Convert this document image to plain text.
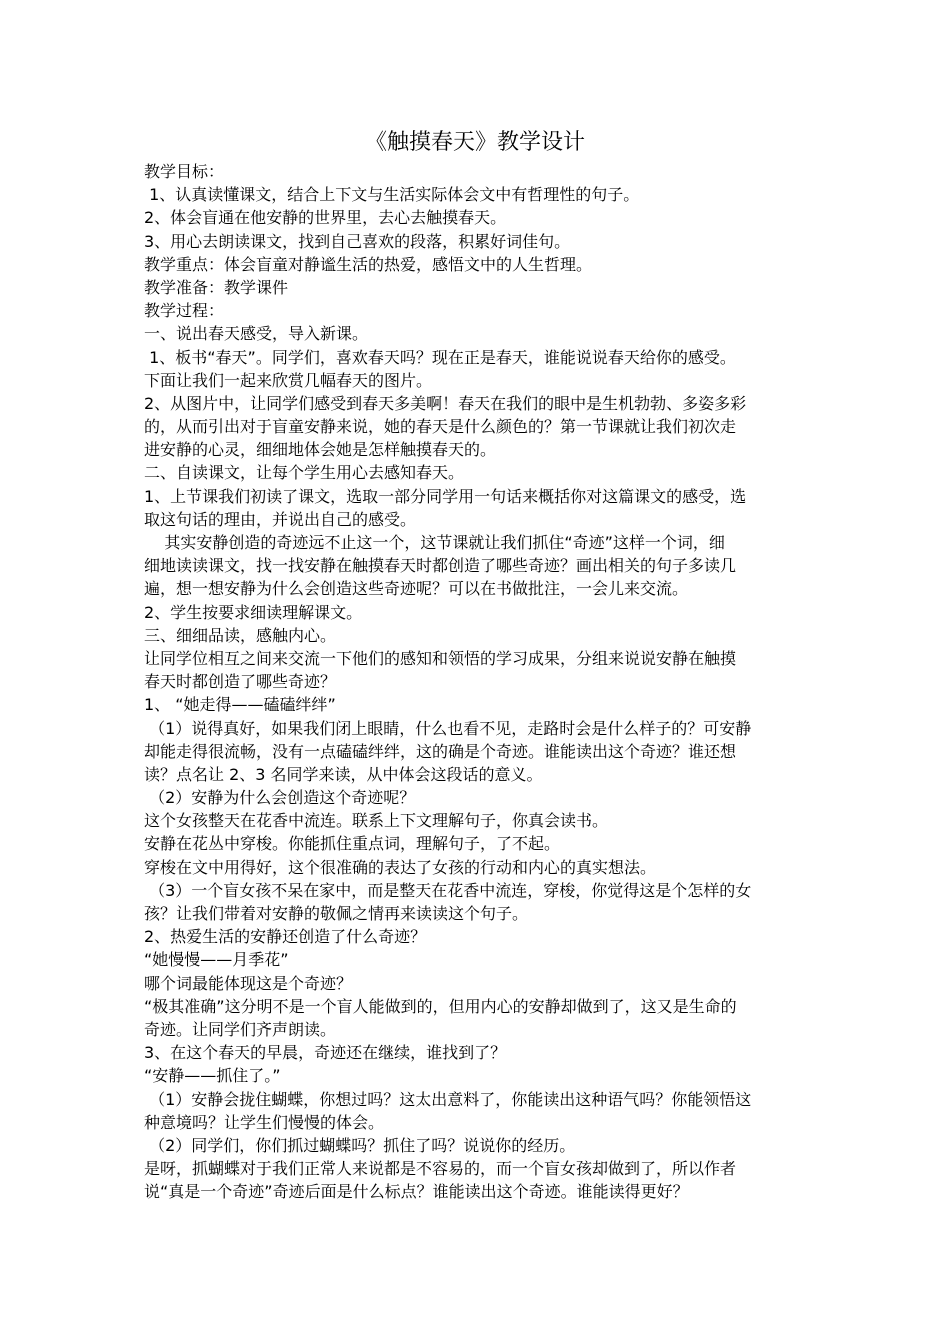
《触摸春天》教学设计
教学目标：
1、认真读懂课文，结合上下文与生活实际体会文中有哲理性的句子。
2、体会盲通在他安静的世界里，去心去触摸春天。
3、用心去朗读课文，找到自己喜欢的段落，积累好词佳句。
教学重点：体会盲童对静谧生活的热爱，感悟文中的人生哲理。
教学准备：教学课件
教学过程：
一、说出春天感受，导入新课。
1、板书“春天”。同学们，喜欢春天吗？现在正是春天，谁能说说春天给你的感受。
下面让我们一起来欣赏几幅春天的图片。
2、从图片中，让同学们感受到春天多美啊！春天在我们的眼中是生机勃勃、多姿多彩
的，从而引出对于盲童安静来说，她的春天是什么颜色的？第一节课就让我们初次走
进安静的心灵，细细地体会她是怎样触摸春天的。
二、自读课文，让每个学生用心去感知春天。
1、上节课我们初读了课文，选取一部分同学用一句话来概括你对这篇课文的感受，选
取这句话的理由，并说出自己的感受。
其实安静创造的奇迹远不止这一个，这节课就让我们抓住“奇迹”这样一个词，细
细地读读课文，找一找安静在触摸春天时都创造了哪些奇迹？画出相关的句子多读几
遍，想一想安静为什么会创造这些奇迹呢？可以在书做批注，一会儿来交流。
2、学生按要求细读理解课文。
三、细细品读，感触内心。
让同学位相互之间来交流一下他们的感知和领悟的学习成果，分组来说说安静在触摸
春天时都创造了哪些奇迹？
1、 “她走得——磕磕绊绊”
（1）说得真好，如果我们闭上眼睛，什么也看不见，走路时会是什么样子的？可安静
却能走得很流畅，没有一点磕磕绊绊，这的确是个奇迹。谁能读出这个奇迹？谁还想
读？点名让 2、3 名同学来读，从中体会这段话的意义。
（2）安静为什么会创造这个奇迹呢？
这个女孩整天在花香中流连。联系上下文理解句子，你真会读书。
安静在花丛中穿梭。你能抓住重点词，理解句子，了不起。
穿梭在文中用得好，这个很准确的表达了女孩的行动和内心的真实想法。
（3）一个盲女孩不呆在家中，而是整天在花香中流连，穿梭，你觉得这是个怎样的女
孩？让我们带着对安静的敬佩之情再来读读这个句子。
2、热爱生活的安静还创造了什么奇迹？
“她慢慢——月季花”
哪个词最能体现这是个奇迹？
“极其准确”这分明不是一个盲人能做到的，但用内心的安静却做到了，这又是生命的
奇迹。让同学们齐声朗读。
3、在这个春天的早晨，奇迹还在继续，谁找到了？
“安静——抓住了。”
（1）安静会拢住蝴蝶，你想过吗？这太出意料了，你能读出这种语气吗？你能领悟这
种意境吗？让学生们慢慢的体会。
（2）同学们，你们抓过蝴蝶吗？抓住了吗？说说你的经历。
是呀，抓蝴蝶对于我们正常人来说都是不容易的，而一个盲女孩却做到了，所以作者
说“真是一个奇迹”奇迹后面是什么标点？谁能读出这个奇迹。谁能读得更好？
